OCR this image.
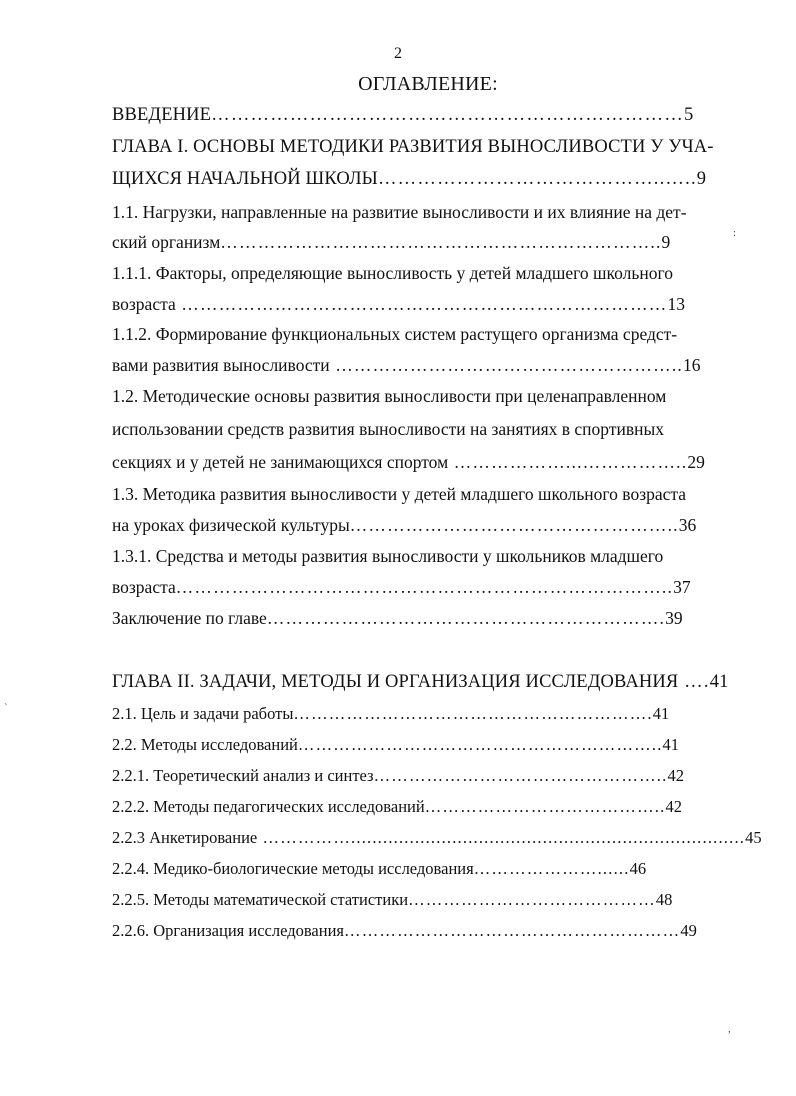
2
ОГЛАВЛЕНИЕ:
ВВЕДЕНИЕ………………………………………………………………5
ГЛАВА I. ОСНОВЫ МЕТОДИКИ РАЗВИТИЯ ВЫНОСЛИВОСТИ У УЧА-
ЩИХСЯ НАЧАЛЬНОЙ ШКОЛЫ……………………………………..…..9
1.1. Нагрузки, направленные на развитие выносливости и их влияние на дет-
ский организм……………………………………………………………..9
1.1.1. Факторы, определяющие выносливость у детей младшего школьного
возраста ……………………………………………………………………13
1.1.2. Формирование функциональных систем растущего организма средст-
вами развития выносливости ………………………………………………..16
1.2. Методические основы развития выносливости при целенаправленном
использовании средств развития выносливости на занятиях в спортивных
секциях и у детей не занимающихся спортом ………………...……………..29
1.3. Методика развития выносливости у детей младшего школьного возраста
на уроках физической культуры……………………………………………..36
1.3.1. Средства и методы развития выносливости у школьников младшего
возраста……………………………………………………………………..37
Заключение по главе……………………………………………………….39
ГЛАВА II. ЗАДАЧИ, МЕТОДЫ И ОРГАНИЗАЦИЯ ИССЛЕДОВАНИЯ ….41
2.1. Цель и задачи работы…………………………………………………….41
2.2. Методы исследований……………………………………………………..41
2.2.1. Теоретический анализ и синтез…………………………………………..42
2.2.2. Методы педагогических исследований…………………………………..42
2.2.3 Анкетирование ……………..........................................................................45
2.2.4. Медико-биологические методы исследования…………………......46
2.2.5. Методы математической статистики……………………………………48
2.2.6. Организация исследования…………………………………………………49
`
:
,
